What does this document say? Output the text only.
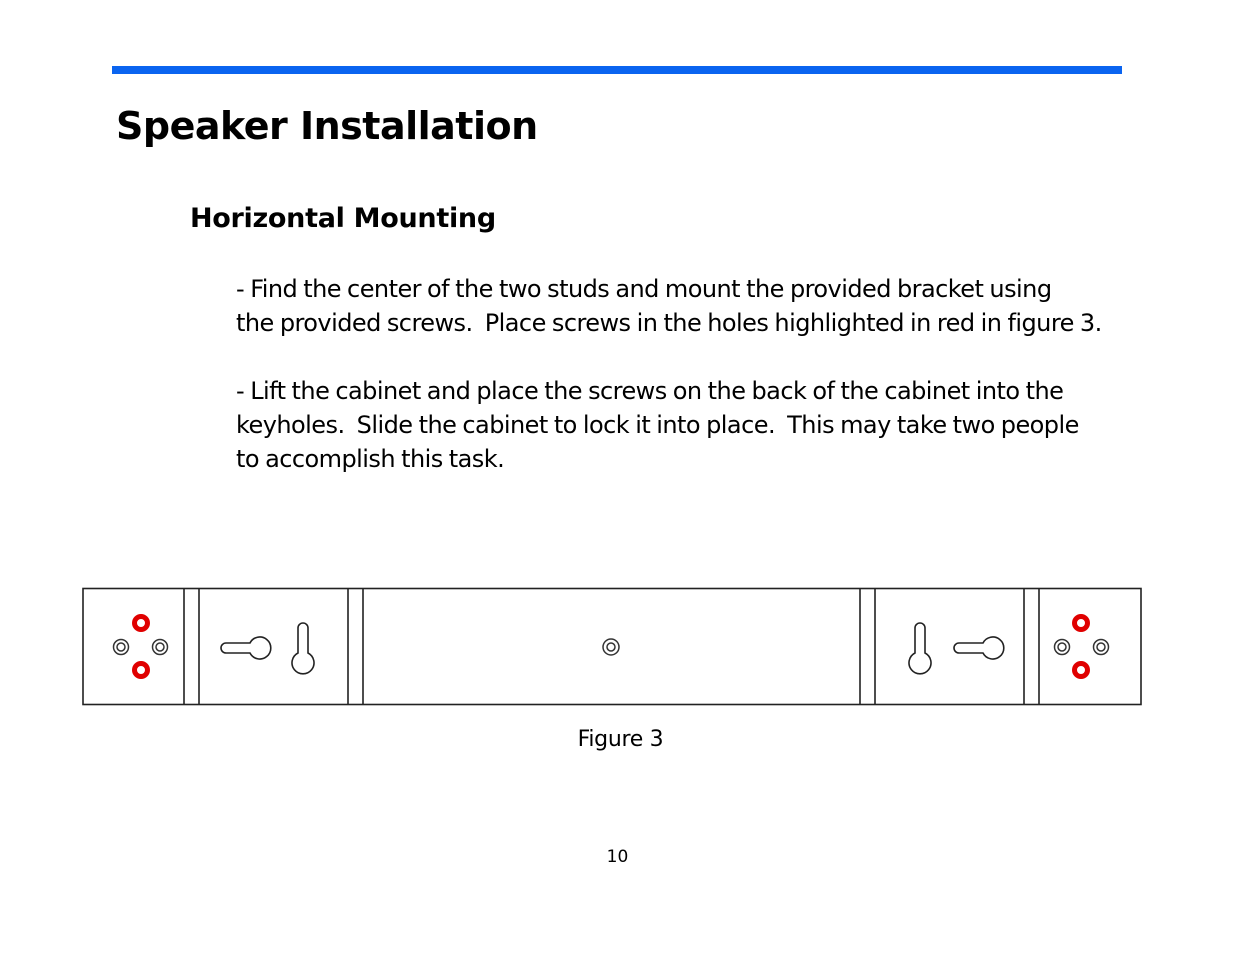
Speaker Installation
Horizontal Mounting

- Find the center of the two studs and mount the provided bracket using
the provided screws.  Place screws in the holes highlighted in red in figure 3.

- Lift the cabinet and place the screws on the back of the cabinet into the
keyholes.  Slide the cabinet to lock it into place.  This may take two people
to accomplish this task.

Figure 3
10
